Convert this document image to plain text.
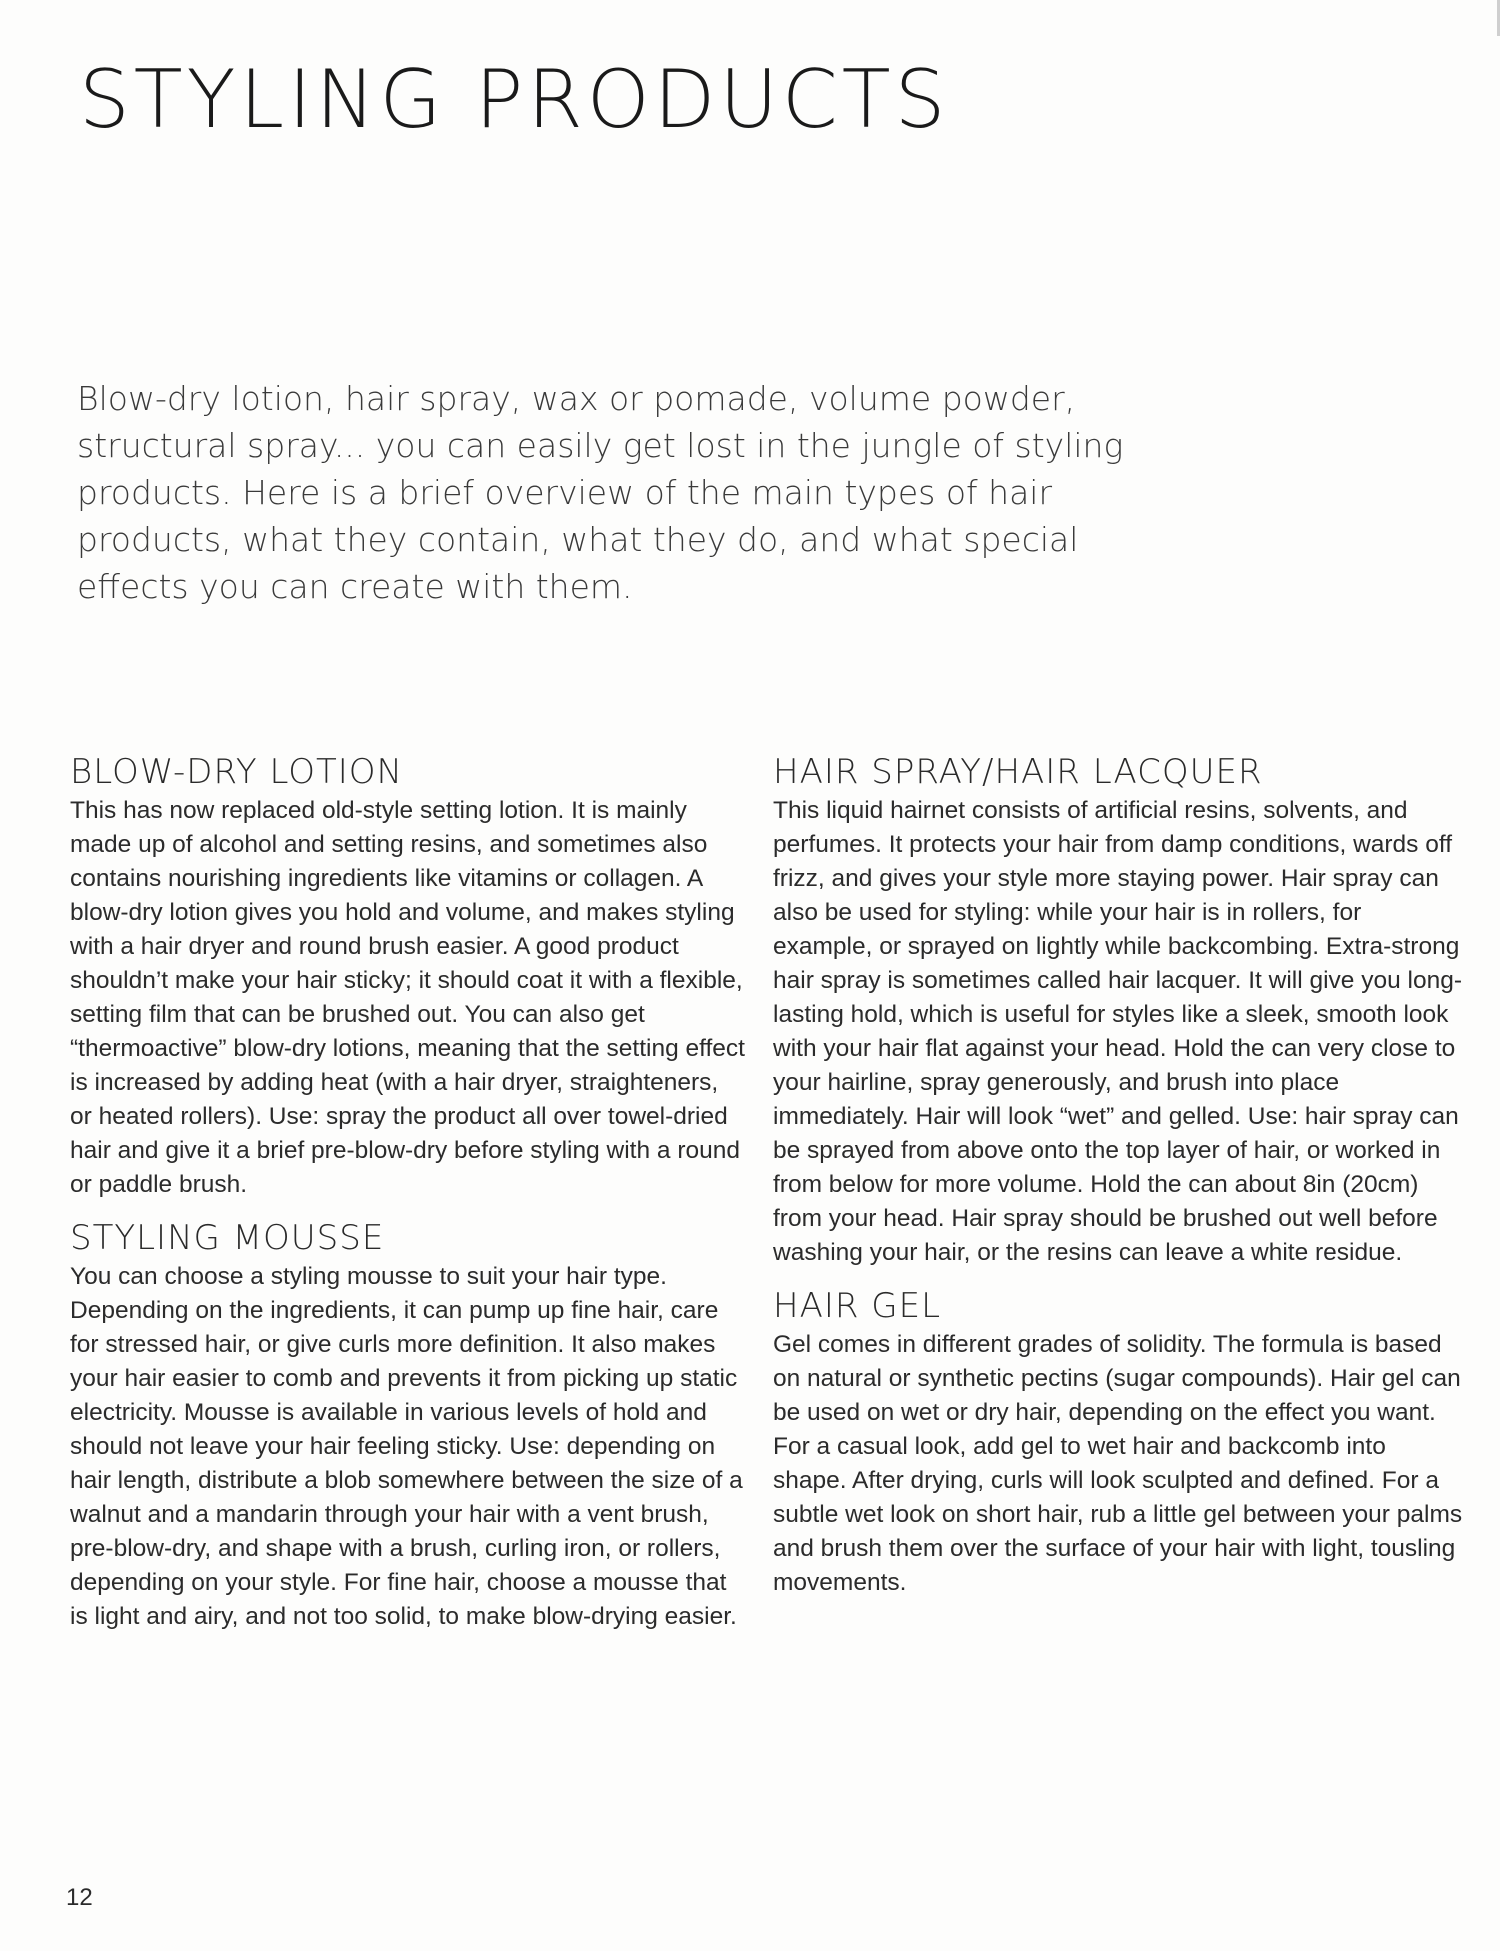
STYLING PRODUCTS

Blow-dry lotion, hair spray, wax or pomade, volume powder, structural spray... you can easily get lost in the jungle of styling products. Here is a brief overview of the main types of hair products, what they contain, what they do, and what special effects you can create with them.

BLOW-DRY LOTION

This has now replaced old-style setting lotion. It is mainly made up of alcohol and setting resins, and sometimes also contains nourishing ingredients like vitamins or collagen. A blow-dry lotion gives you hold and volume, and makes styling with a hair dryer and round brush easier. A good product shouldn’t make your hair sticky; it should coat it with a flexible, setting film that can be brushed out. You can also get “thermoactive” blow-dry lotions, meaning that the setting effect is increased by adding heat (with a hair dryer, straighteners, or heated rollers). Use: spray the product all over towel-dried hair and give it a brief pre-blow-dry before styling with a round or paddle brush.

STYLING MOUSSE

You can choose a styling mousse to suit your hair type. Depending on the ingredients, it can pump up fine hair, care for stressed hair, or give curls more definition. It also makes your hair easier to comb and prevents it from picking up static electricity. Mousse is available in various levels of hold and should not leave your hair feeling sticky. Use: depending on hair length, distribute a blob somewhere between the size of a walnut and a mandarin through your hair with a vent brush, pre-blow-dry, and shape with a brush, curling iron, or rollers, depending on your style. For fine hair, choose a mousse that is light and airy, and not too solid, to make blow-drying easier.

HAIR SPRAY/HAIR LACQUER

This liquid hairnet consists of artificial resins, solvents, and perfumes. It protects your hair from damp conditions, wards off frizz, and gives your style more staying power. Hair spray can also be used for styling: while your hair is in rollers, for example, or sprayed on lightly while backcombing. Extra-strong hair spray is sometimes called hair lacquer. It will give you long-lasting hold, which is useful for styles like a sleek, smooth look with your hair flat against your head. Hold the can very close to your hairline, spray generously, and brush into place immediately. Hair will look “wet” and gelled. Use: hair spray can be sprayed from above onto the top layer of hair, or worked in from below for more volume. Hold the can about 8in (20cm) from your head. Hair spray should be brushed out well before washing your hair, or the resins can leave a white residue.

HAIR GEL

Gel comes in different grades of solidity. The formula is based on natural or synthetic pectins (sugar compounds). Hair gel can be used on wet or dry hair, depending on the effect you want. For a casual look, add gel to wet hair and backcomb into shape. After drying, curls will look sculpted and defined. For a subtle wet look on short hair, rub a little gel between your palms and brush them over the surface of your hair with light, tousling movements.

12
